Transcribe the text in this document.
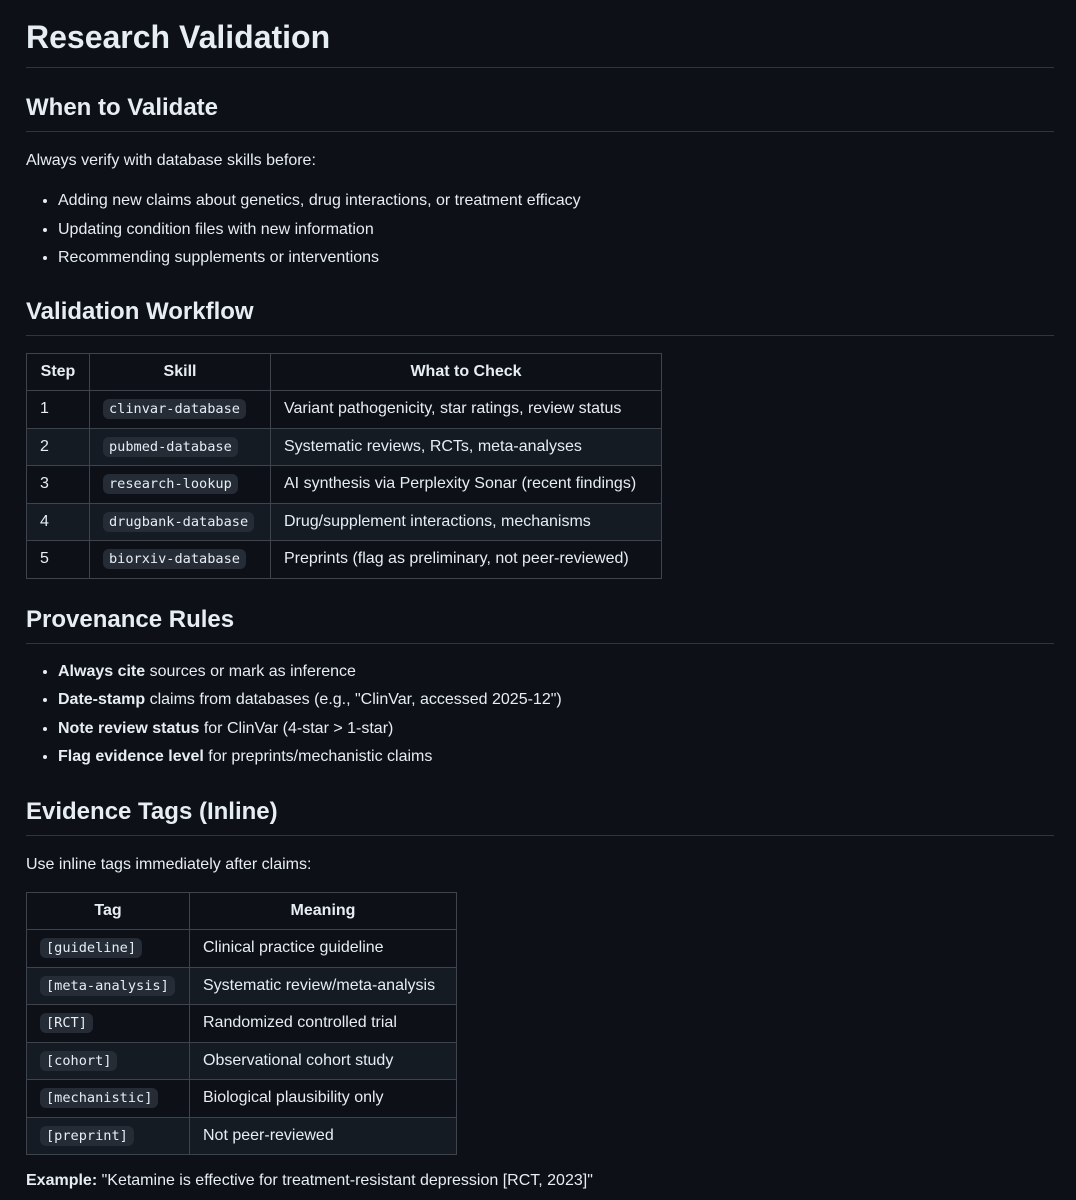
Research Validation
When to Validate

Always verify with database skills before:

• Adding new claims about genetics, drug interactions, or treatment efficacy
• Updating condition files with new information
• Recommending supplements or interventions
Validation Workflow
Step	Skill	What to Check
1	clinvar-database	Variant pathogenicity, star ratings, review status
2	pubmed-database	Systematic reviews, RCTs, meta-analyses
3	research-lookup	AI synthesis via Perplexity Sonar (recent findings)
4	drugbank-database	Drug/supplement interactions, mechanisms
5	biorxiv-database	Preprints (flag as preliminary, not peer-reviewed)
Provenance Rules
• Always cite sources or mark as inference
• Date-stamp claims from databases (e.g., "ClinVar, accessed 2025-12")
• Note review status for ClinVar (4-star > 1-star)
• Flag evidence level for preprints/mechanistic claims
Evidence Tags (Inline)

Use inline tags immediately after claims:

Tag	Meaning
[guideline]	Clinical practice guideline
[meta-analysis]	Systematic review/meta-analysis
[RCT]	Randomized controlled trial
[cohort]	Observational cohort study
[mechanistic]	Biological plausibility only
[preprint]	Not peer-reviewed

Example: "Ketamine is effective for treatment-resistant depression [RCT, 2023]"
